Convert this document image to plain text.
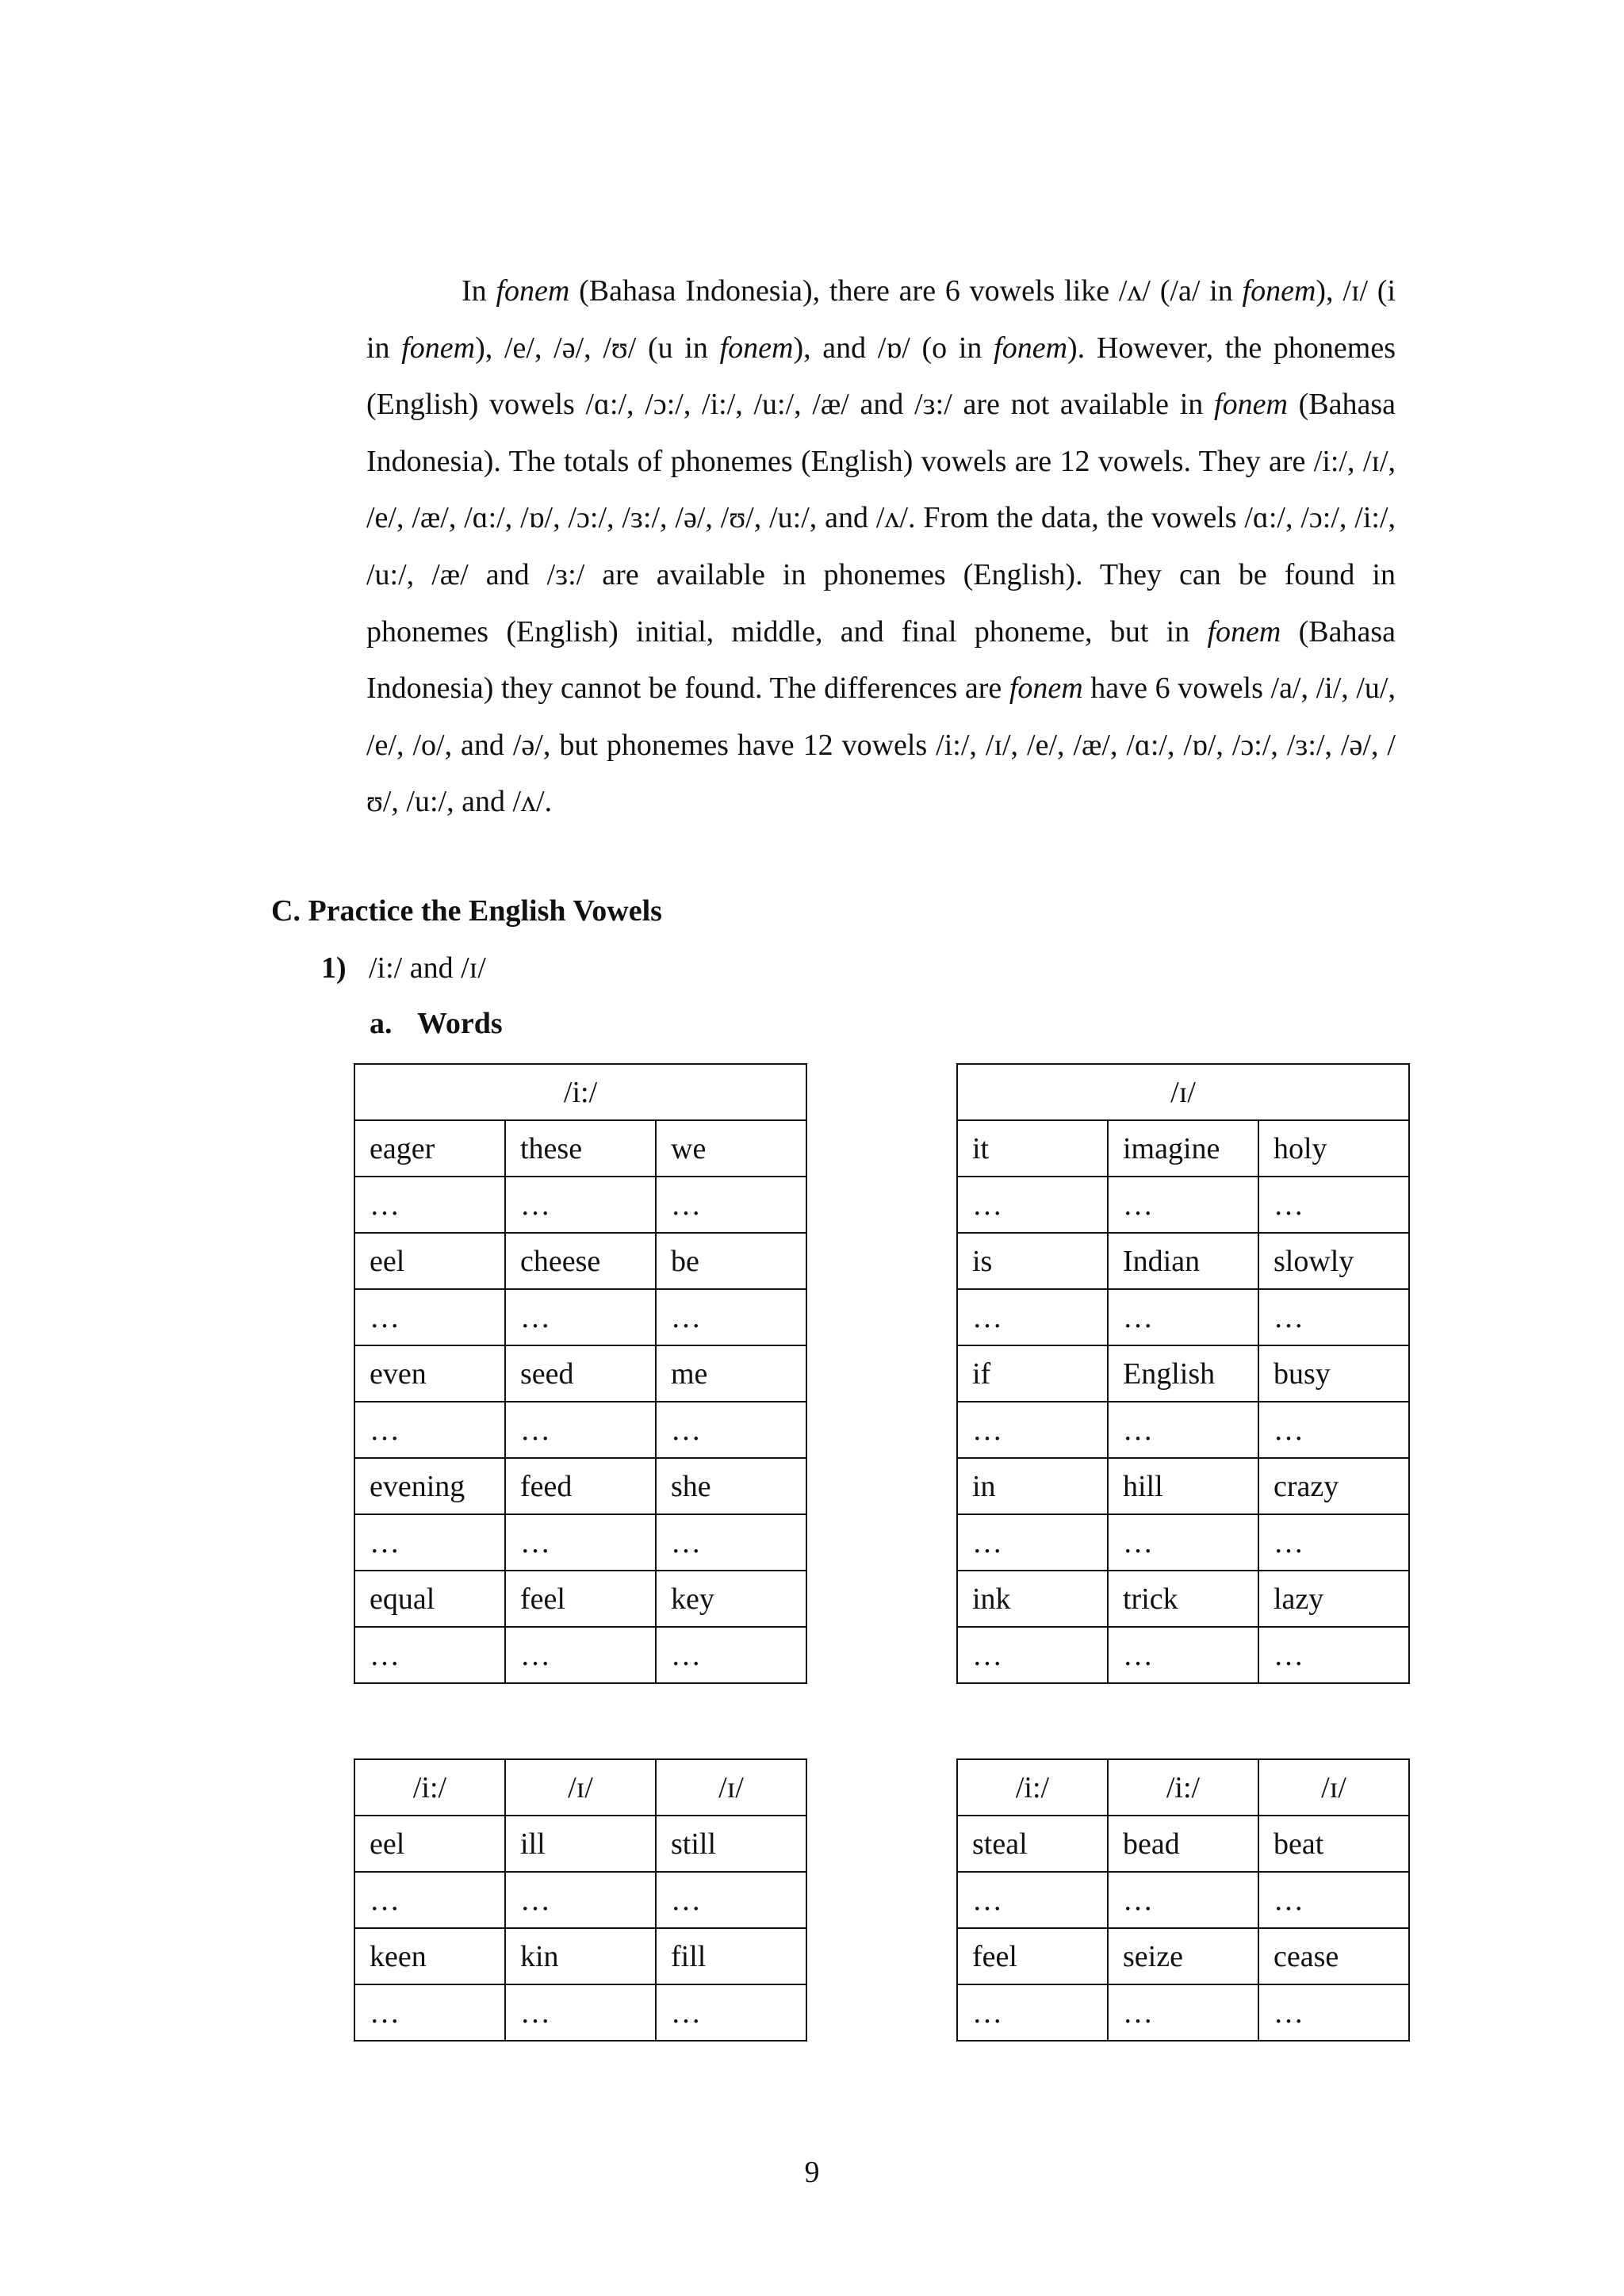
In fonem (Bahasa Indonesia), there are 6 vowels like /ʌ/ (/a/ in fonem), /ɪ/ (i in fonem), /e/, /ə/, /ʊ/ (u in fonem), and /ɒ/ (o in fonem). However, the phonemes (English) vowels /ɑ:/, /ɔ:/, /i:/, /u:/, /æ/ and /ɜ:/ are not available in fonem (Bahasa Indonesia). The totals of phonemes (English) vowels are 12 vowels. They are /i:/, /ɪ/, /e/, /æ/, /ɑ:/, /ɒ/, /ɔ:/, /ɜ:/, /ə/, /ʊ/, /u:/, and /ʌ/. From the data, the vowels /ɑ:/, /ɔ:/, /i:/, /u:/, /æ/ and /ɜ:/ are available in phonemes (English). They can be found in phonemes (English) initial, middle, and final phoneme, but in fonem (Bahasa Indonesia) they cannot be found. The differences are fonem have 6 vowels /a/, /i/, /u/, /e/, /o/, and /ə/, but phonemes have 12 vowels /i:/, /ɪ/, /e/, /æ/, /ɑ:/, /ɒ/, /ɔ:/, /ɜ:/, /ə/, /ʊ/, /u:/, and /ʌ/.
C. Practice the English Vowels
1) /i:/ and /ɪ/
a. Words
/i:/		
eager	these	we
…	…	…
eel	cheese	be
…	…	…
even	seed	me
…	…	…
evening	feed	she
…	…	…
equal	feel	key
…	…	…
/ɪ/		
it	imagine	holy
…	…	…
is	Indian	slowly
…	…	…
if	English	busy
…	…	…
in	hill	crazy
…	…	…
ink	trick	lazy
…	…	…
/i:/	/ɪ/	/ɪ/
eel	ill	still
…	…	…
keen	kin	fill
…	…	…
/i:/	/i:/	/ɪ/
steal	bead	beat
…	…	…
feel	seize	cease
…	…	…
9
